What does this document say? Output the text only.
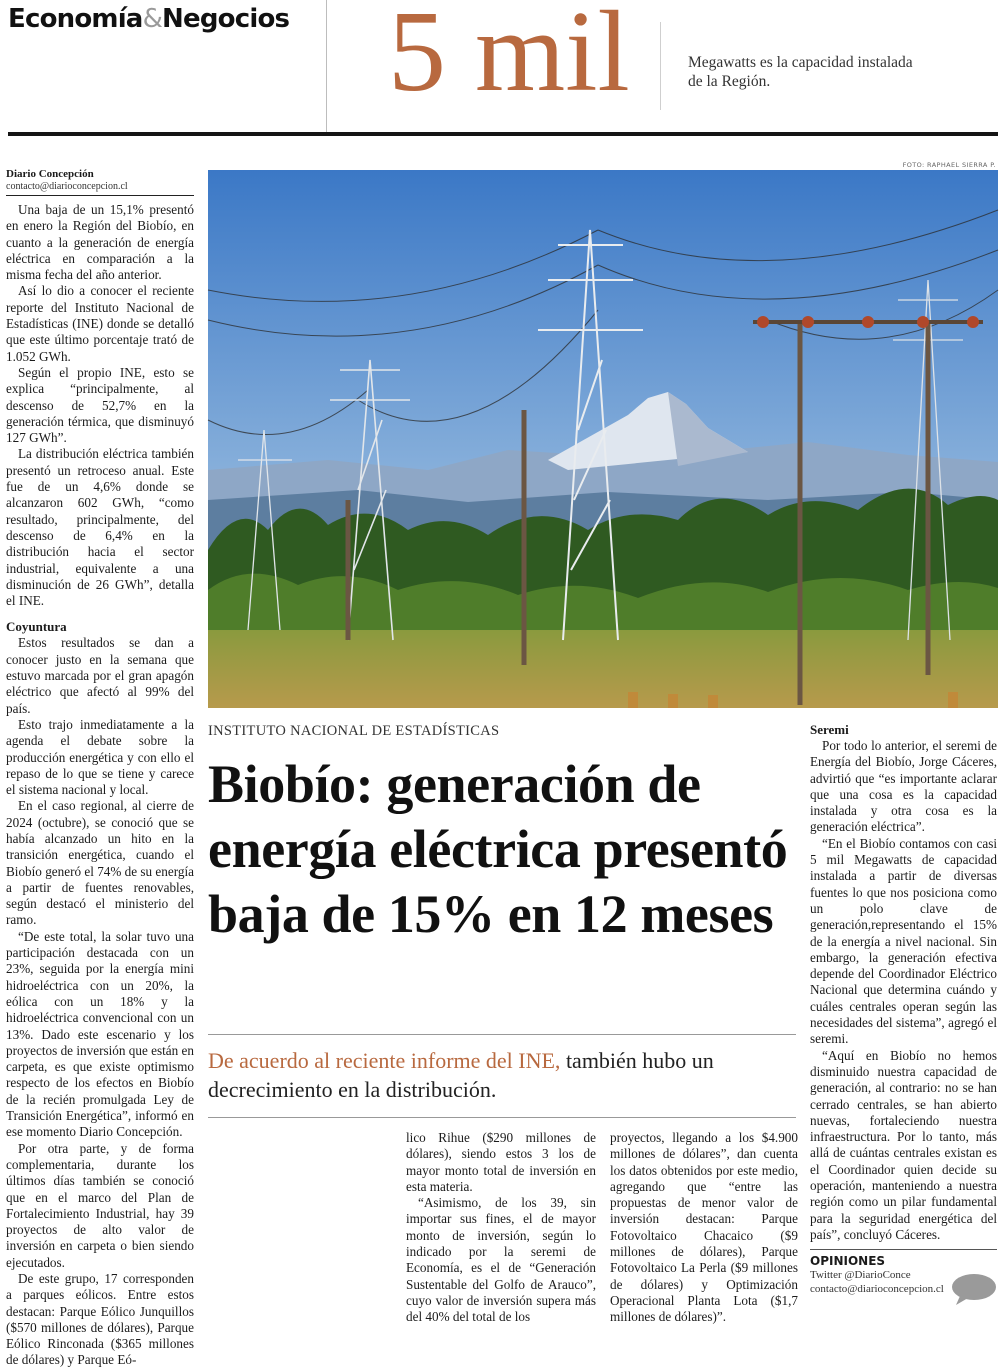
Economía&Negocios 5 mil	Megawatts es la capacidad instalada de la Región.
Diario Concepción
contacto@diarioconcepcion.cl

Una baja de un 15,1% presentó en enero la Región del Biobío, en cuanto a la generación de energía eléctrica en comparación a la misma fecha del año anterior.

Así lo dio a conocer el reciente reporte del Instituto Nacional de Estadísticas (INE) donde se detalló que este último porcentaje trató de 1.052 GWh.

Según el propio INE, esto se explica “principalmente, al descenso de 52,7% en la generación térmica, que disminuyó 127 GWh”.

La distribución eléctrica también presentó un retroceso anual. Este fue de un 4,6% donde se alcanzaron 602 GWh, “como resultado, principalmente, del descenso de 6,4% en la distribución hacia el sector industrial, equivalente a una disminución de 26 GWh”, detalla el INE.

Coyuntura

Estos resultados se dan a conocer justo en la semana que estuvo marcada por el gran apagón eléctrico que afectó al 99% del país.

Esto trajo inmediatamente a la agenda el debate sobre la producción energética y con ello el repaso de lo que se tiene y carece el sistema nacional y local.

En el caso regional, al cierre de 2024 (octubre), se conoció que se había alcanzado un hito en la transición energética, cuando el Biobío generó el 74% de su energía a partir de fuentes renovables, según destacó el ministerio del ramo.

“De este total, la solar tuvo una participación destacada con un 23%, seguida por la energía mini hidroeléctrica con un 20%, la eólica con un 18% y la hidroeléctrica convencional con un 13%. Dado este escenario y los proyectos de inversión que están en carpeta, es que existe optimismo respecto de los efectos en Biobío de la recién promulgada Ley de Transición Energética”, informó en ese momento Diario Concepción.

Por otra parte, y de forma complementaria, durante los últimos días también se conoció que en el marco del Plan de Fortalecimiento Industrial, hay 39 proyectos de alto valor de inversión en carpeta o bien siendo ejecutados.

De este grupo, 17 corresponden a parques eólicos. Entre estos destacan: Parque Eólico Junquillos ($570 millones de dólares), Parque Eólico Rinconada ($365 millones de dólares) y Parque Eó-

FOTO: RAPHAEL SIERRA P.
INSTITUTO NACIONAL DE ESTADÍSTICAS
Biobío: generación de energía eléctrica presentó baja de 15% en 12 meses
De acuerdo al reciente informe del INE, también hubo un decrecimiento en la distribución.

lico Rihue ($290 millones de dólares), siendo estos 3 los de mayor monto total de inversión en esta materia.

“Asimismo, de los 39, sin importar sus fines, el de mayor monto de inversión, según lo indicado por la seremi de Economía, es el de “Generación Sustentable del Golfo de Arauco”, cuyo valor de inversión supera más del 40% del total de los

proyectos, llegando a los $4.900 millones de dólares”, dan cuenta los datos obtenidos por este medio, agregando que “entre las propuestas de menor valor de inversión destacan: Parque Fotovoltaico Chacaico ($9 millones de dólares), Parque Fotovoltaico La Perla ($9 millones de dólares) y Optimización Operacional Planta Lota ($1,7 millones de dólares)”.

Seremi

Por todo lo anterior, el seremi de Energía del Biobío, Jorge Cáceres, advirtió que “es importante aclarar que una cosa es la capacidad instalada y otra cosa es la generación eléctrica”.

“En el Biobío contamos con casi 5 mil Megawatts de capacidad instalada a partir de diversas fuentes lo que nos posiciona como un polo clave de generación,representando el 15% de la energía a nivel nacional. Sin embargo, la generación efectiva depende del Coordinador Eléctrico Nacional que determina cuándo y cuáles centrales operan según las necesidades del sistema”, agregó el seremi.

“Aquí en Biobío no hemos disminuido nuestra capacidad de generación, al contrario: no se han cerrado centrales, se han abierto nuevas, fortaleciendo nuestra infraestructura. Por lo tanto, más allá de cuántas centrales existan es el Coordinador quien decide su operación, manteniendo a nuestra región como un pilar fundamental para la seguridad energética del país”, concluyó Cáceres.

OPINIONES
Twitter @DiarioConce
contacto@diarioconcepcion.cl
